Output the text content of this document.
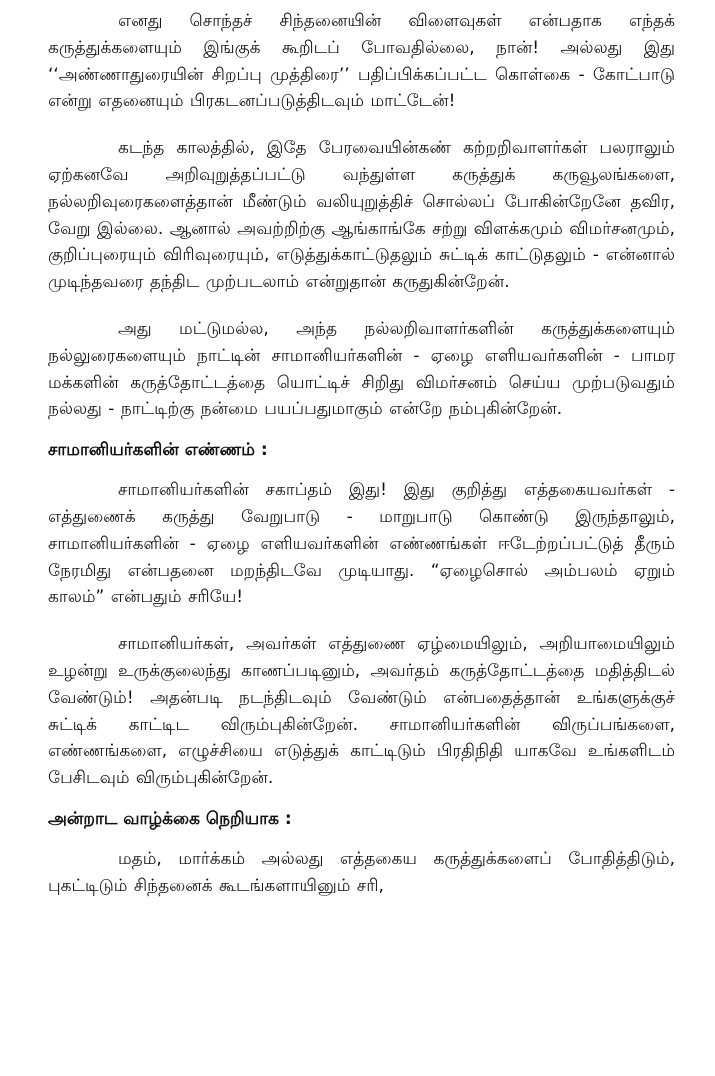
எனது சொந்தச் சிந்தனையின் விளைவுகள் என்பதாக எந்தக் கருத்துக்களையும் இங்குக் கூறிடப் போவதில்லை, நான்! அல்லது இது ‘‘அண்ணாதுரையின் சிறப்பு முத்திரை’’ பதிப்பிக்கப்பட்ட கொள்கை - கோட்பாடு என்று எதனையும் பிரகடனப்படுத்திடவும் மாட்டேன்!

கடந்த காலத்தில், இதே பேரவையின்கண் கற்றறிவாளர்கள் பலராலும் ஏற்கனவே அறிவுறுத்தப்பட்டு வந்துள்ள கருத்துக் கருவூலங்களை, நல்லறிவுரைகளைத்தான் மீண்டும் வலியுறுத்திச் சொல்லப் போகின்றேனே தவிர, வேறு இல்லை. ஆனால் அவற்றிற்கு ஆங்காங்கே சற்று விளக்கமும் விமர்சனமும், குறிப்புரையும் விரிவுரையும், எடுத்துக்காட்டுதலும் சுட்டிக் காட்டுதலும் - என்னால் முடிந்தவரை தந்திட முற்படலாம் என்றுதான் கருதுகின்றேன்.

அது மட்டுமல்ல, அந்த நல்லறிவாளர்களின் கருத்துக்களையும் நல்லுரைகளையும் நாட்டின் சாமானியர்களின் - ஏழை எளியவர்களின் - பாமர மக்களின் கருத்தோட்டத்தை யொட்டிச் சிறிது விமர்சனம் செய்ய முற்படுவதும் நல்லது - நாட்டிற்கு நன்மை பயப்பதுமாகும் என்றே நம்புகின்றேன்.

சாமானியர்களின் எண்ணம் :

சாமானியர்களின் சகாப்தம் இது! இது குறித்து எத்தகையவர்கள் - எத்துணைக் கருத்து வேறுபாடு - மாறுபாடு கொண்டு இருந்தாலும், சாமானியர்களின் - ஏழை எளியவர்களின் எண்ணங்கள் ஈடேற்றப்பட்டுத் தீரும் நேரமிது என்பதனை மறந்திடவே முடியாது. “ஏழைசொல் அம்பலம் ஏறும் காலம்” என்பதும் சரியே!

சாமானியர்கள், அவர்கள் எத்துணை ஏழ்மையிலும், அறியாமையிலும் உழன்று உருக்குலைந்து காணப்படினும், அவர்தம் கருத்தோட்டத்தை மதித்திடல் வேண்டும்! அதன்படி நடந்திடவும் வேண்டும் என்பதைத்தான் உங்களுக்குச் சுட்டிக் காட்டிட விரும்புகின்றேன். சாமானியர்களின் விருப்பங்களை, எண்ணங்களை, எழுச்சியை எடுத்துக் காட்டிடும் பிரதிநிதி யாகவே உங்களிடம் பேசிடவும் விரும்புகின்றேன்.

அன்றாட வாழ்க்கை நெறியாக :

மதம், மார்க்கம் அல்லது எத்தகைய கருத்துக்களைப் போதித்திடும், புகட்டிடும் சிந்தனைக் கூடங்களாயினும் சரி,
